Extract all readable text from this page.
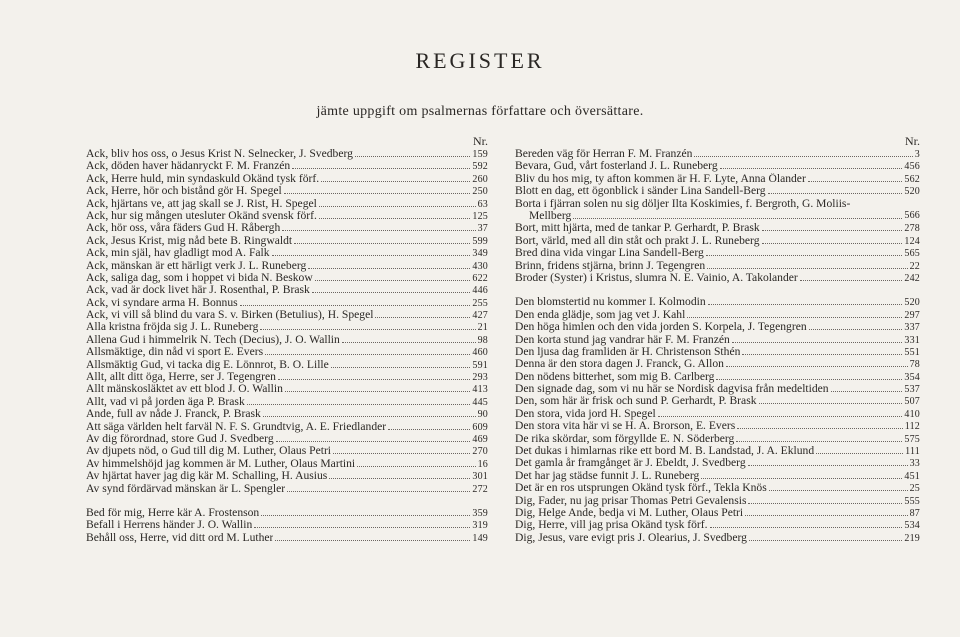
REGISTER
jämte uppgift om psalmernas författare och översättare.
Nr.
Ack, bliv hos oss, o Jesus Krist N. Selnecker, J. Svedberg	159
Ack, döden haver hädanryckt F. M. Franzén	592
Ack, Herre huld, min syndaskuld Okänd tysk förf.	260
Ack, Herre, hör och bistånd gör H. Spegel	250
Ack, hjärtans ve, att jag skall se J. Rist, H. Spegel	63
Ack, hur sig mången utesluter Okänd svensk förf.	125
Ack, hör oss, våra fäders Gud H. Råbergh	37
Ack, Jesus Krist, mig nåd bete B. Ringwaldt	599
Ack, min själ, hav gladligt mod A. Falk	349
Ack, mänskan är ett härligt verk J. L. Runeberg	430
Ack, saliga dag, som i hoppet vi bida N. Beskow	622
Ack, vad är dock livet här J. Rosenthal, P. Brask	446
Ack, vi syndare arma H. Bonnus	255
Ack, vi vill så blind du vara S. v. Birken (Betulius), H. Spegel	427
Alla kristna fröjda sig J. L. Runeberg	21
Allena Gud i himmelrik N. Tech (Decius), J. O. Wallin	98
Allsmäktige, din nåd vi sport E. Evers	460
Allsmäktig Gud, vi tacka dig E. Lönnrot, B. O. Lille	591
Allt, allt ditt öga, Herre, ser J. Tegengren	293
Allt mänskosläktet av ett blod J. O. Wallin	413
Allt, vad vi på jorden äga P. Brask	445
Ande, full av nåde J. Franck, P. Brask	90
Att säga världen helt farväl N. F. S. Grundtvig, A. E. Friedlander	609
Av dig förordnad, store Gud J. Svedberg	469
Av djupets nöd, o Gud till dig M. Luther, Olaus Petri	270
Av himmelshöjd jag kommen är M. Luther, Olaus Martini	16
Av hjärtat haver jag dig kär M. Schalling, H. Ausius	301
Av synd fördärvad mänskan är L. Spengler	272
Bed för mig, Herre kär A. Frostenson	359
Befall i Herrens händer J. O. Wallin	319
Behåll oss, Herre, vid ditt ord M. Luther	149
Nr.
Bereden väg för Herran F. M. Franzén	3
Bevara, Gud, vårt fosterland J. L. Runeberg	456
Bliv du hos mig, ty afton kommen är H. F. Lyte, Anna Ölander	562
Blott en dag, ett ögonblick i sänder Lina Sandell-Berg	520
Borta i fjärran solen nu sig döljer Ilta Koskimies, f. Bergroth, G. Moliis-
Mellberg	566
Bort, mitt hjärta, med de tankar P. Gerhardt, P. Brask	278
Bort, värld, med all din ståt och prakt J. L. Runeberg	124
Bred dina vida vingar Lina Sandell-Berg	565
Brinn, fridens stjärna, brinn J. Tegengren	22
Broder (Syster) i Kristus, slumra N. E. Vainio, A. Takolander	242
Den blomstertid nu kommer I. Kolmodin	520
Den enda glädje, som jag vet J. Kahl	297
Den höga himlen och den vida jorden S. Korpela, J. Tegengren	337
Den korta stund jag vandrar här F. M. Franzén	331
Den ljusa dag framliden är H. Christenson Sthén	551
Denna är den stora dagen J. Franck, G. Allon	78
Den nödens bitterhet, som mig B. Carlberg	354
Den signade dag, som vi nu här se Nordisk dagvisa från medeltiden	537
Den, som här är frisk och sund P. Gerhardt, P. Brask	507
Den stora, vida jord H. Spegel	410
Den stora vita här vi se H. A. Brorson, E. Evers	112
De rika skördar, som förgyllde E. N. Söderberg	575
Det dukas i himlarnas rike ett bord M. B. Landstad, J. A. Eklund	111
Det gamla år framgånget är J. Ebeldt, J. Svedberg	33
Det har jag städse funnit J. L. Runeberg	451
Det är en ros utsprungen Okänd tysk förf., Tekla Knös	25
Dig, Fader, nu jag prisar Thomas Petri Gevalensis	555
Dig, Helge Ande, bedja vi M. Luther, Olaus Petri	87
Dig, Herre, vill jag prisa Okänd tysk förf.	534
Dig, Jesus, vare evigt pris J. Olearius, J. Svedberg	219
